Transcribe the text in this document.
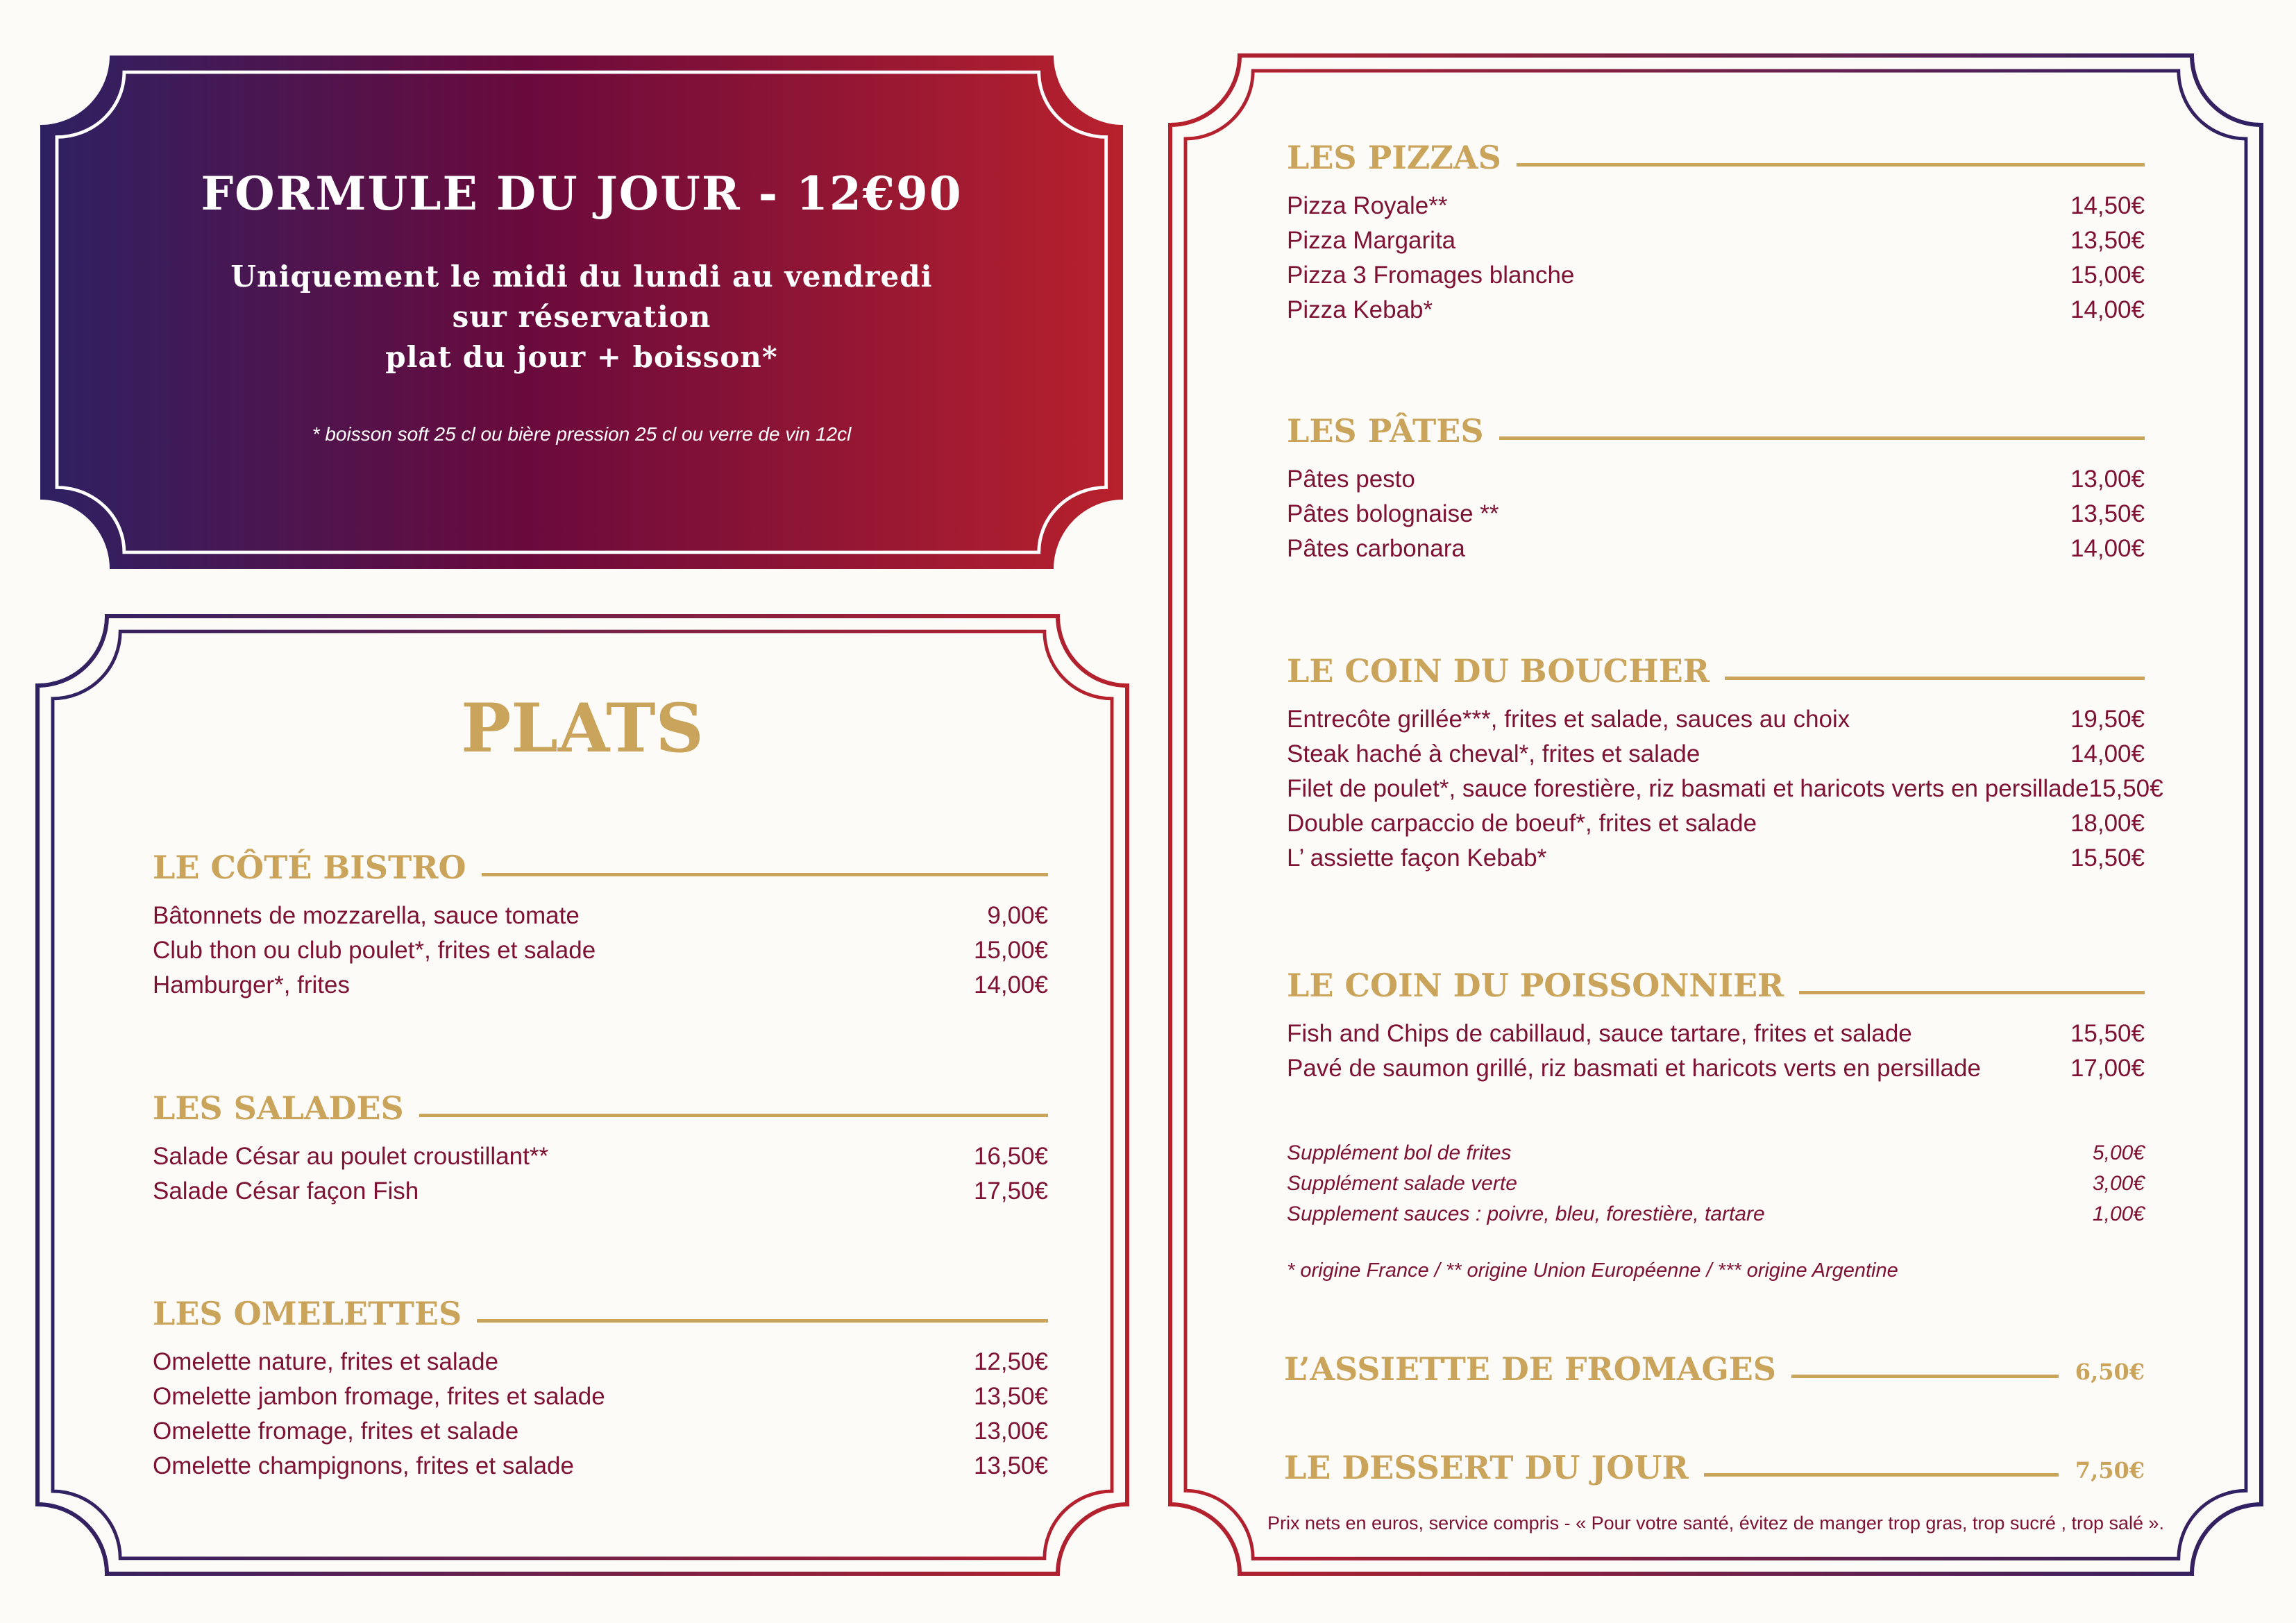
FORMULE DU JOUR - 12€90
Uniquement le midi du lundi au vendredi
sur réservation
plat du jour + boisson*
* boisson soft 25 cl ou bière pression 25 cl ou verre de vin 12cl
PLATS
LE CÔTÉ BISTRO
Bâtonnets de mozzarella, sauce tomate	9,00€
Club thon ou club poulet*, frites et salade	15,00€
Hamburger*, frites	14,00€
LES SALADES
Salade César au poulet croustillant**	16,50€
Salade César façon Fish	17,50€
LES OMELETTES
Omelette nature, frites et salade	12,50€
Omelette jambon fromage, frites et salade	13,50€
Omelette fromage, frites et salade	13,00€
Omelette champignons, frites et salade	13,50€
LES PIZZAS
Pizza Royale**	14,50€
Pizza Margarita	13,50€
Pizza 3 Fromages blanche	15,00€
Pizza Kebab*	14,00€
LES PÂTES
Pâtes pesto	13,00€
Pâtes bolognaise **	13,50€
Pâtes carbonara	14,00€
LE COIN DU BOUCHER
Entrecôte grillée***, frites et salade, sauces au choix	19,50€
Steak haché à cheval*, frites et salade	14,00€
Filet de poulet*, sauce forestière, riz basmati et haricots verts en persillade 15,50€
Double carpaccio de boeuf*, frites et salade	18,00€
L’ assiette façon Kebab*	15,50€
LE COIN DU POISSONNIER
Fish and Chips de cabillaud, sauce tartare, frites et salade	15,50€
Pavé de saumon grillé, riz basmati et haricots verts en persillade	17,00€
Supplément bol de frites	5,00€
Supplément salade verte	3,00€
Supplement sauces : poivre, bleu, forestière, tartare	1,00€
* origine France / ** origine Union Européenne / *** origine Argentine
L’ASSIETTE DE FROMAGES	6,50€
LE DESSERT DU JOUR	7,50€
Prix nets en euros, service compris - « Pour votre santé, évitez de manger trop gras, trop sucré , trop salé ».
